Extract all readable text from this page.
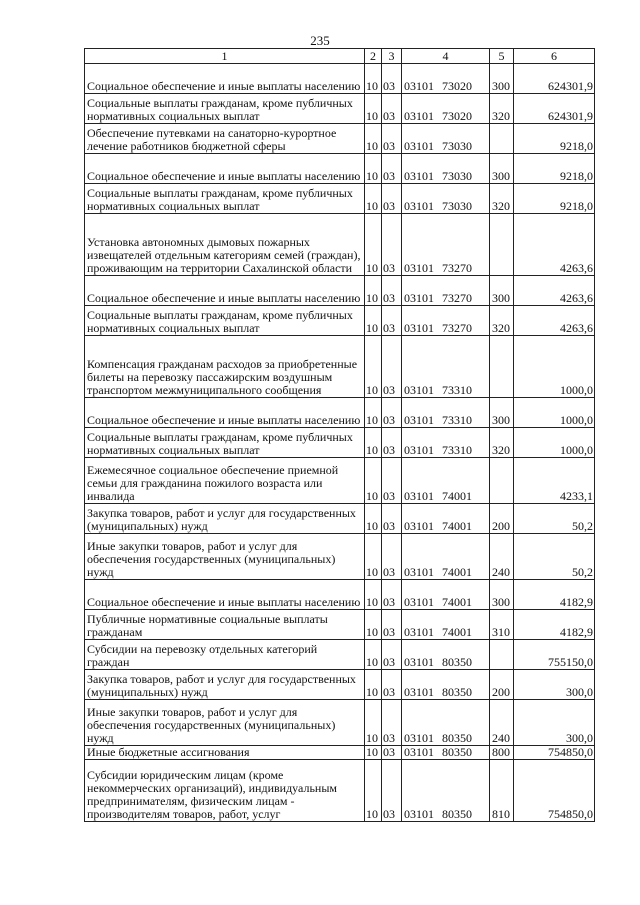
235
1	2	3	4	5	6
Социальное обеспечение и иные выплаты населению	10	03	03101 73020	300	624301,9
Социальные выплаты гражданам, кроме публичных нормативных социальных выплат	10	03	03101 73020	320	624301,9
Обеспечение путевками на санаторно-курортное лечение работников бюджетной сферы	10	03	03101 73030		9218,0
Социальное обеспечение и иные выплаты населению	10	03	03101 73030	300	9218,0
Социальные выплаты гражданам, кроме публичных нормативных социальных выплат	10	03	03101 73030	320	9218,0
Установка автономных дымовых пожарных извещателей отдельным категориям семей (граждан), проживающим на территории Сахалинской области	10	03	03101 73270		4263,6
Социальное обеспечение и иные выплаты населению	10	03	03101 73270	300	4263,6
Социальные выплаты гражданам, кроме публичных нормативных социальных выплат	10	03	03101 73270	320	4263,6
Компенсация гражданам расходов за приобретенные билеты на перевозку пассажирским воздушным транспортом межмуниципального сообщения	10	03	03101 73310		1000,0
Социальное обеспечение и иные выплаты населению	10	03	03101 73310	300	1000,0
Социальные выплаты гражданам, кроме публичных нормативных социальных выплат	10	03	03101 73310	320	1000,0
Ежемесячное социальное обеспечение приемной семьи для гражданина пожилого возраста или инвалида	10	03	03101 74001		4233,1
Закупка товаров, работ и услуг для государственных (муниципальных) нужд	10	03	03101 74001	200	50,2
Иные закупки товаров, работ и услуг для обеспечения государственных (муниципальных) нужд	10	03	03101 74001	240	50,2
Социальное обеспечение и иные выплаты населению	10	03	03101 74001	300	4182,9
Публичные нормативные социальные выплаты гражданам	10	03	03101 74001	310	4182,9
Субсидии на перевозку отдельных категорий граждан	10	03	03101 80350		755150,0
Закупка товаров, работ и услуг для государственных (муниципальных) нужд	10	03	03101 80350	200	300,0
Иные закупки товаров, работ и услуг для обеспечения государственных (муниципальных) нужд	10	03	03101 80350	240	300,0
Иные бюджетные ассигнования	10	03	03101 80350	800	754850,0
Субсидии юридическим лицам (кроме некоммерческих организаций), индивидуальным предпринимателям, физическим лицам - производителям товаров, работ, услуг	10	03	03101 80350	810	754850,0
